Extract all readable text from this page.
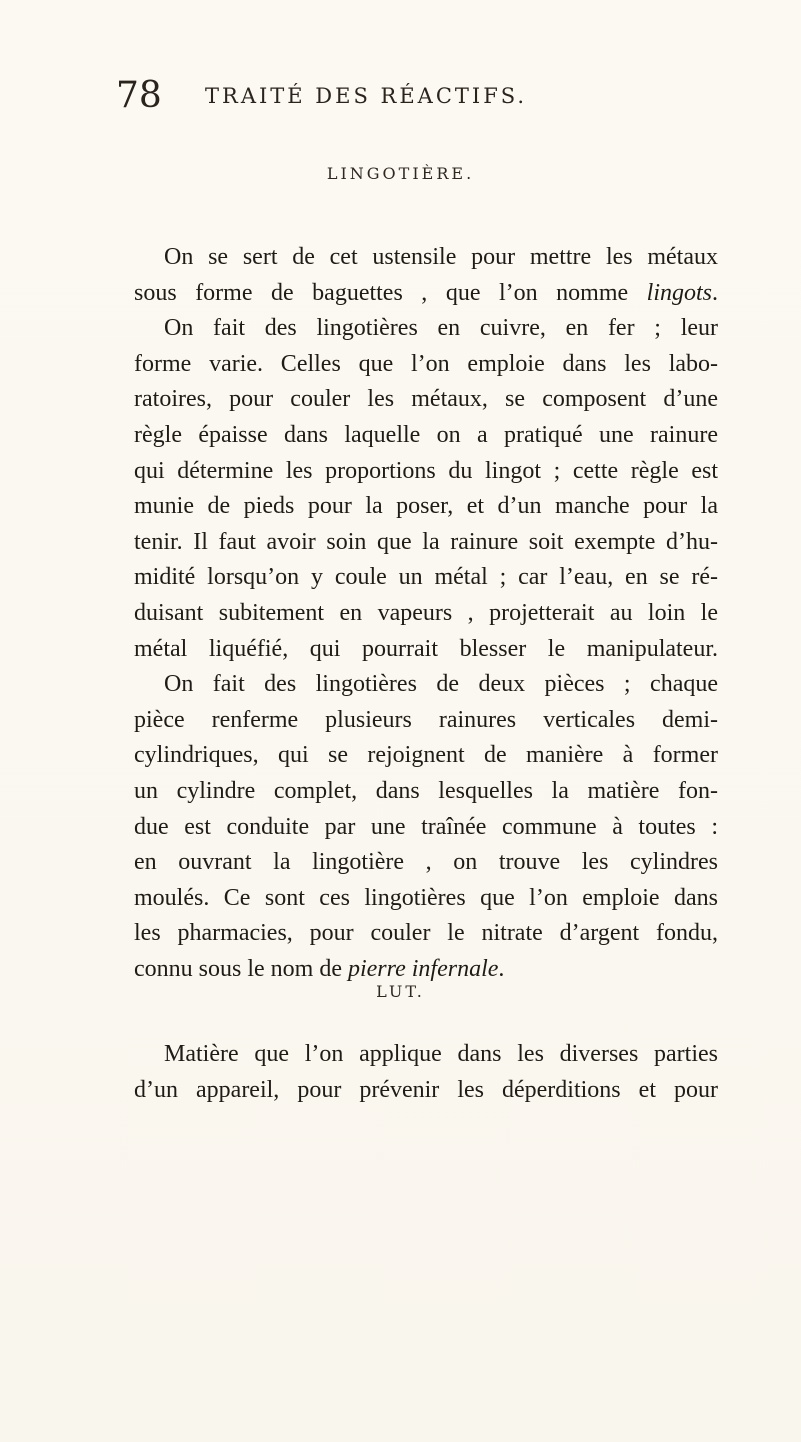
78 TRAITÉ DES RÉACTIFS.
LINGOTIÈRE.
On se sert de cet ustensile pour mettre les métaux
sous forme de baguettes , que l’on nomme lingots.
On fait des lingotières en cuivre, en fer ; leur
forme varie. Celles que l’on emploie dans les labo-
ratoires, pour couler les métaux, se composent d’une
règle épaisse dans laquelle on a pratiqué une rainure
qui détermine les proportions du lingot ; cette règle est
munie de pieds pour la poser, et d’un manche pour la
tenir. Il faut avoir soin que la rainure soit exempte d’hu-
midité lorsqu’on y coule un métal ; car l’eau, en se ré-
duisant subitement en vapeurs , projetterait au loin le
métal liquéfié, qui pourrait blesser le manipulateur.
On fait des lingotières de deux pièces ; chaque
pièce renferme plusieurs rainures verticales demi-
cylindriques, qui se rejoignent de manière à former
un cylindre complet, dans lesquelles la matière fon-
due est conduite par une traînée commune à toutes :
en ouvrant la lingotière , on trouve les cylindres
moulés. Ce sont ces lingotières que l’on emploie dans
les pharmacies, pour couler le nitrate d’argent fondu,
connu sous le nom de pierre infernale.
LUT.
Matière que l’on applique dans les diverses parties
d’un appareil, pour prévenir les déperditions et pour
